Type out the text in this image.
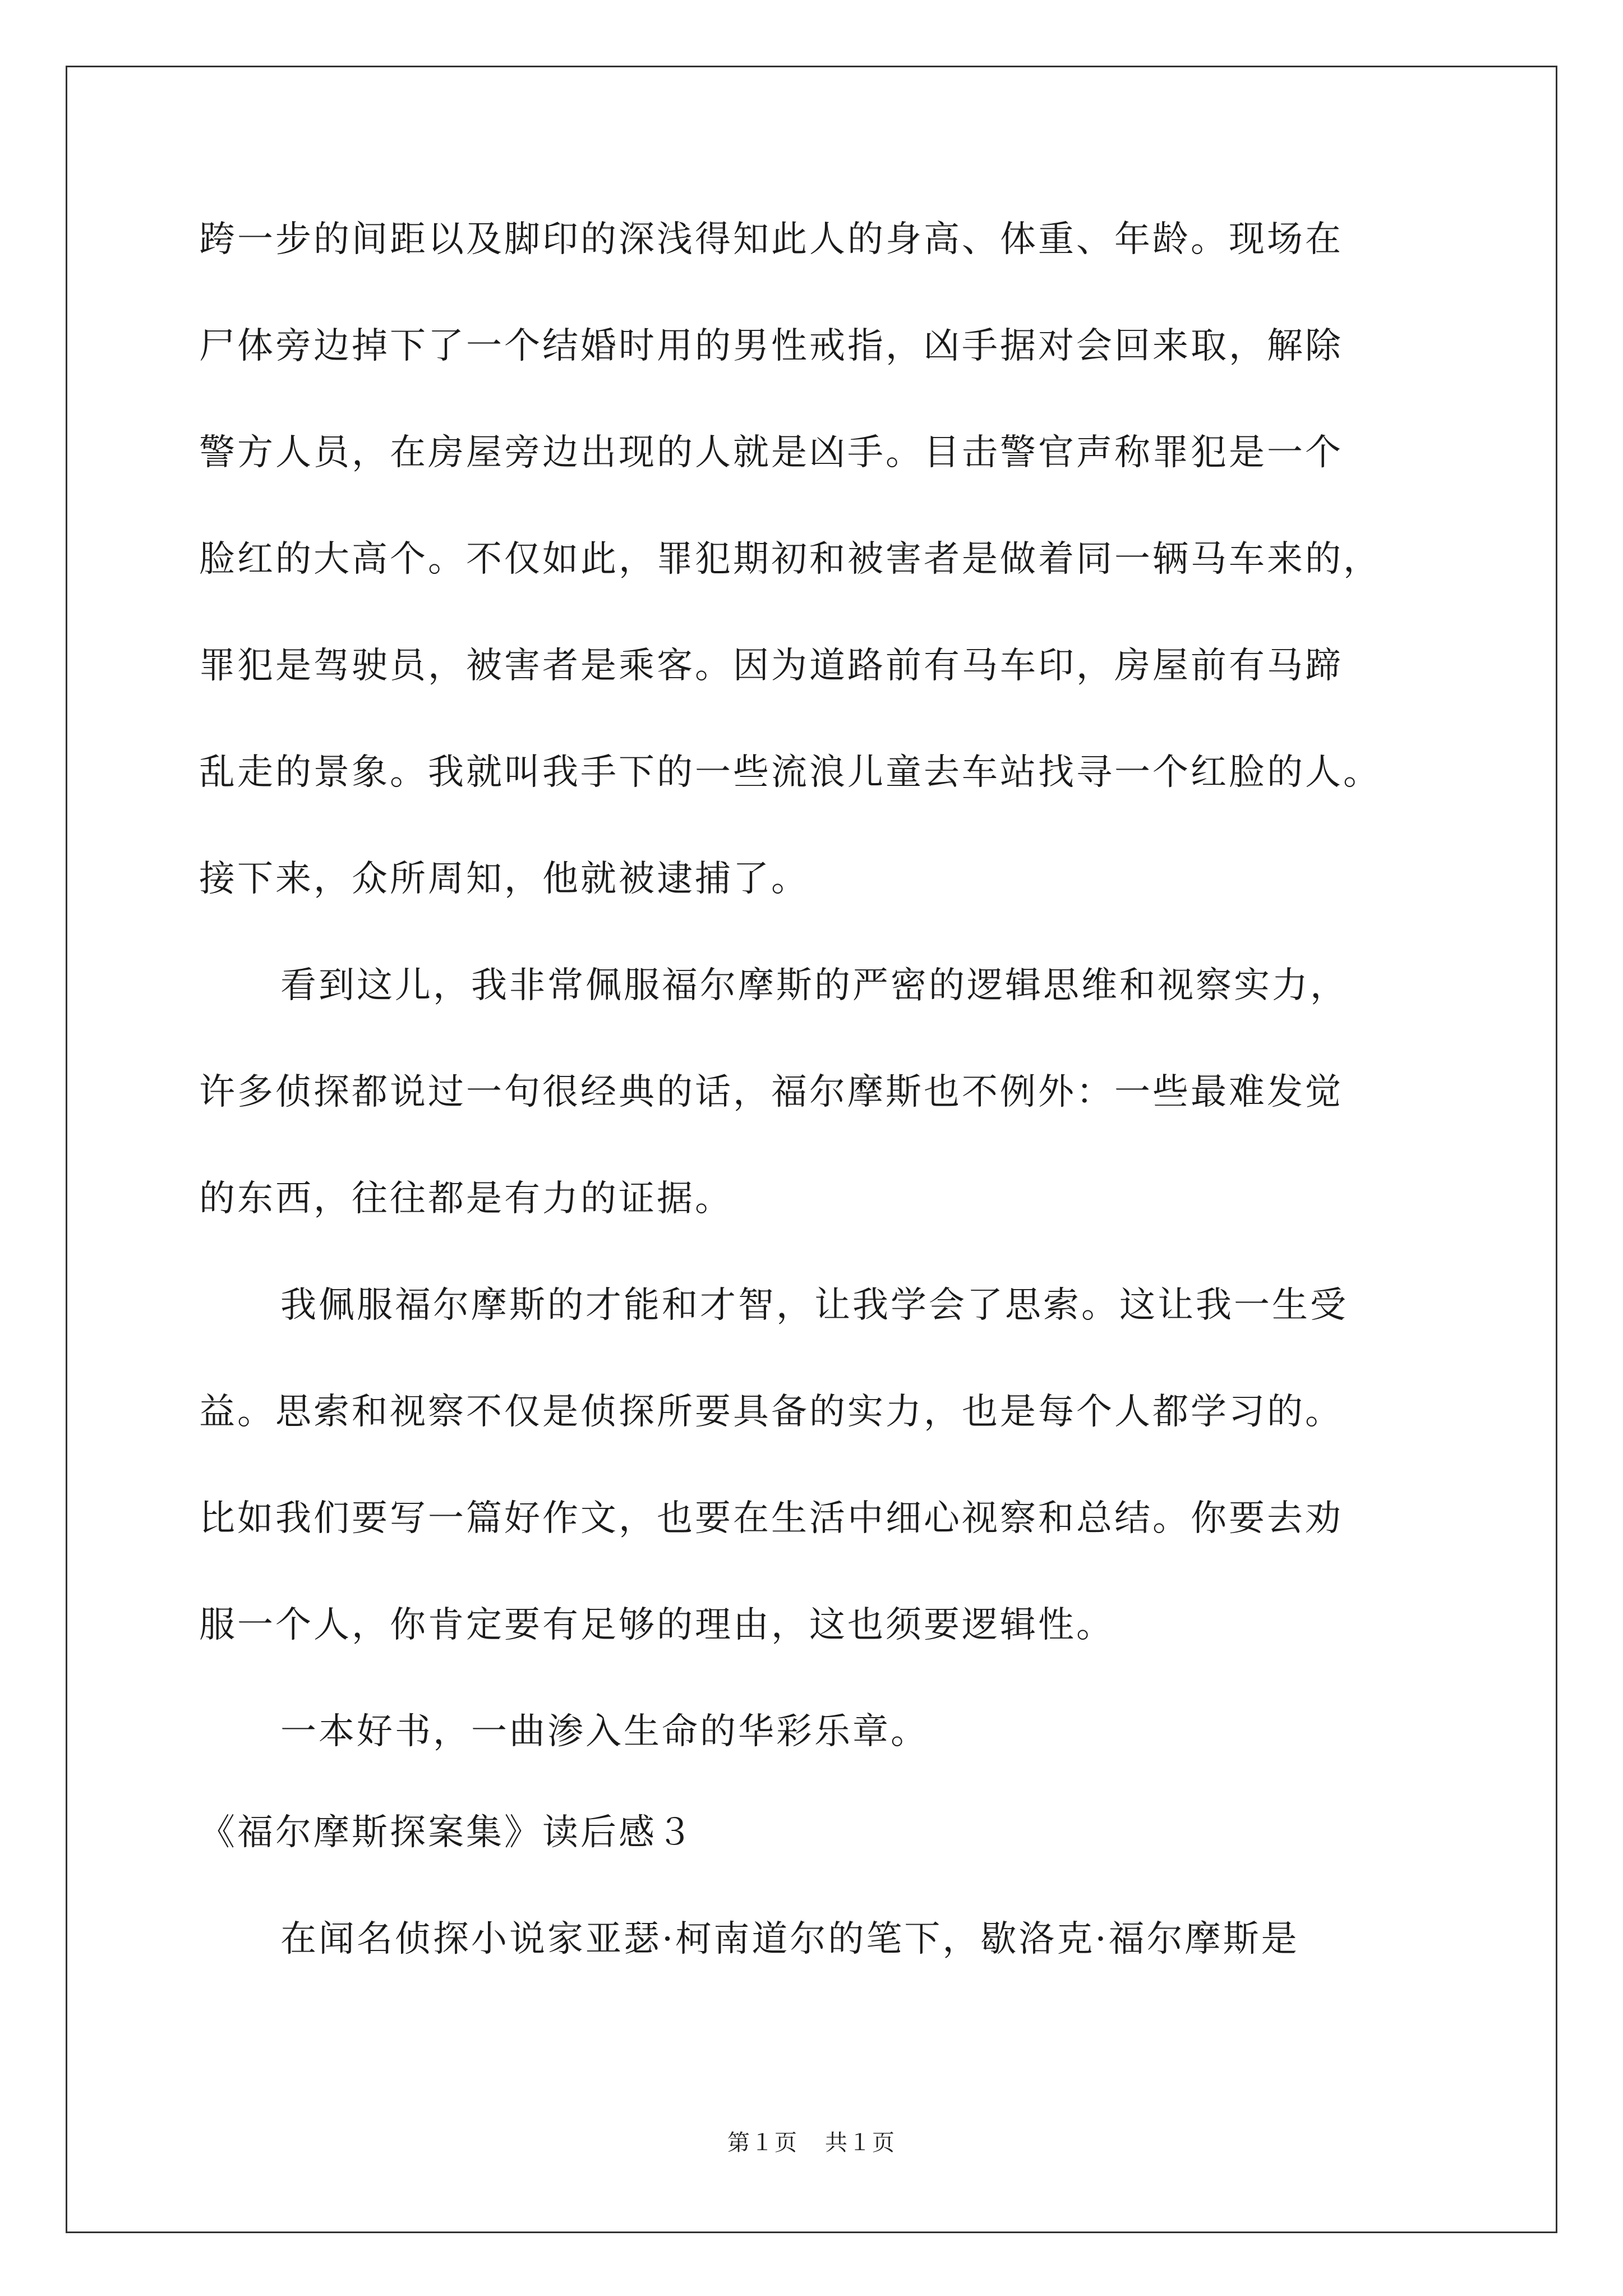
跨一步的间距以及脚印的深浅得知此人的身高、体重、年龄。现场在
尸体旁边掉下了一个结婚时用的男性戒指，凶手据对会回来取，解除
警方人员，在房屋旁边出现的人就是凶手。目击警官声称罪犯是一个
脸红的大高个。不仅如此，罪犯期初和被害者是做着同一辆马车来的，
罪犯是驾驶员，被害者是乘客。因为道路前有马车印，房屋前有马蹄
乱走的景象。我就叫我手下的一些流浪儿童去车站找寻一个红脸的人。
接下来，众所周知，他就被逮捕了。
看到这儿，我非常佩服福尔摩斯的严密的逻辑思维和视察实力，
许多侦探都说过一句很经典的话，福尔摩斯也不例外：一些最难发觉
的东西，往往都是有力的证据。
我佩服福尔摩斯的才能和才智，让我学会了思索。这让我一生受
益。思索和视察不仅是侦探所要具备的实力，也是每个人都学习的。
比如我们要写一篇好作文，也要在生活中细心视察和总结。你要去劝
服一个人，你肯定要有足够的理由，这也须要逻辑性。
一本好书，一曲渗入生命的华彩乐章。
《福尔摩斯探案集》读后感３
在闻名侦探小说家亚瑟·柯南道尔的笔下，歇洛克·福尔摩斯是
第１页 共１页
